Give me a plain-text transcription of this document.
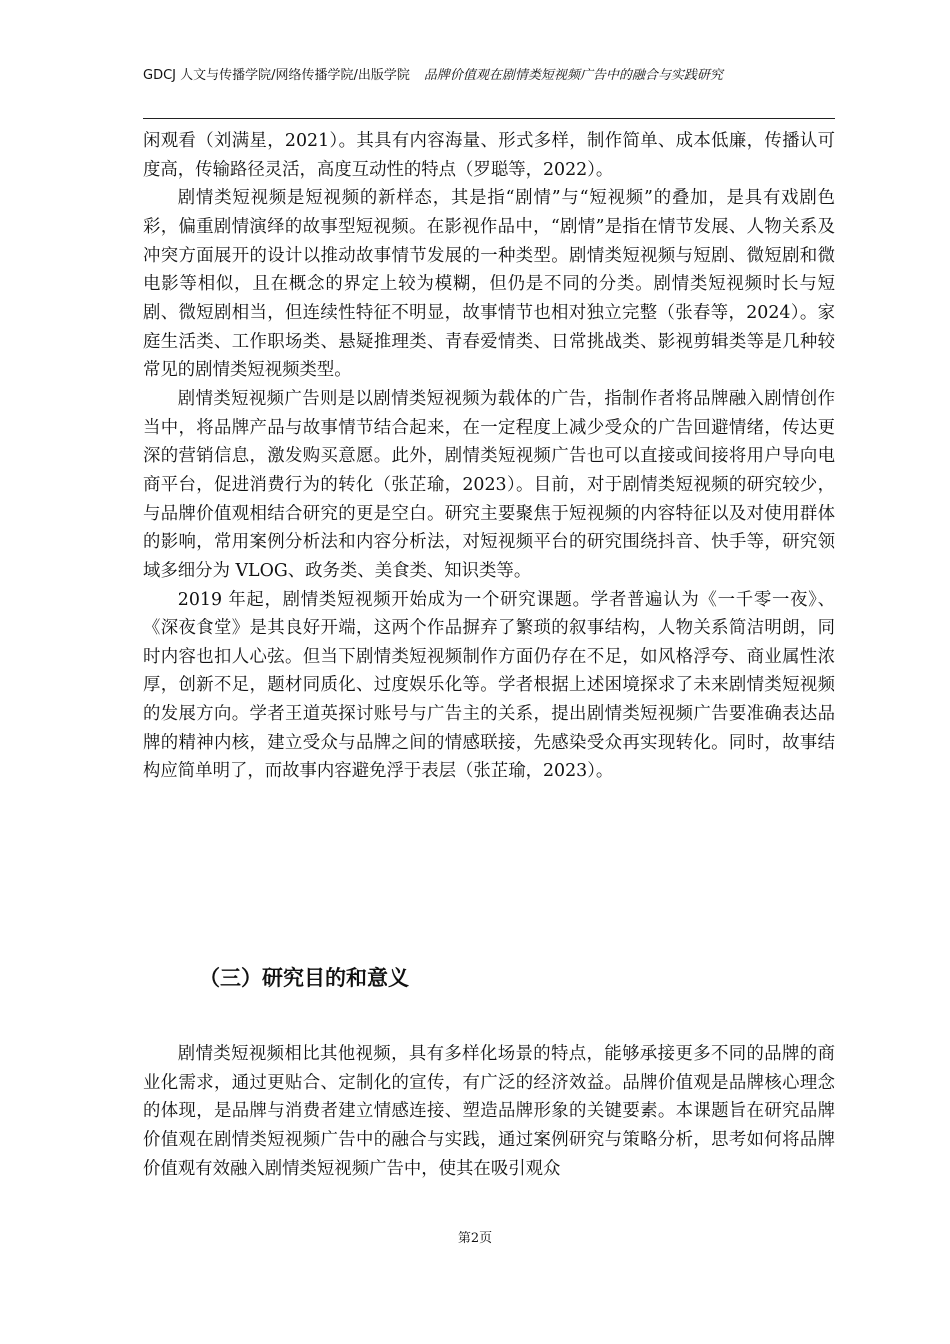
GDCJ 人文与传播学院/网络传播学院/出版学院 品牌价值观在剧情类短视频广告中的融合与实践研究

闲观看（刘满星，2021）。其具有内容海量、形式多样，制作简单、成本低廉，传播认可度高，传输路径灵活，高度互动性的特点（罗聪等，2022）。

剧情类短视频是短视频的新样态，其是指“剧情”与“短视频”的叠加，是具有戏剧色彩，偏重剧情演绎的故事型短视频。在影视作品中，“剧情”是指在情节发展、人物关系及冲突方面展开的设计以推动故事情节发展的一种类型。剧情类短视频与短剧、微短剧和微电影等相似，且在概念的界定上较为模糊，但仍是不同的分类。剧情类短视频时长与短剧、微短剧相当，但连续性特征不明显，故事情节也相对独立完整（张春等，2024）。家庭生活类、工作职场类、悬疑推理类、青春爱情类、日常挑战类、影视剪辑类等是几种较常见的剧情类短视频类型。

剧情类短视频广告则是以剧情类短视频为载体的广告，指制作者将品牌融入剧情创作当中，将品牌产品与故事情节结合起来，在一定程度上减少受众的广告回避情绪，传达更深的营销信息，激发购买意愿。此外，剧情类短视频广告也可以直接或间接将用户导向电商平台，促进消费行为的转化（张芷瑜，2023）。目前，对于剧情类短视频的研究较少，与品牌价值观相结合研究的更是空白。研究主要聚焦于短视频的内容特征以及对使用群体的影响，常用案例分析法和内容分析法，对短视频平台的研究围绕抖音、快手等，研究领域多细分为 VLOG、政务类、美食类、知识类等。

2019 年起，剧情类短视频开始成为一个研究课题。学者普遍认为《一千零一夜》、《深夜食堂》是其良好开端，这两个作品摒弃了繁琐的叙事结构，人物关系简洁明朗，同时内容也扣人心弦。但当下剧情类短视频制作方面仍存在不足，如风格浮夸、商业属性浓厚，创新不足，题材同质化、过度娱乐化等。学者根据上述困境探求了未来剧情类短视频的发展方向。学者王道英探讨账号与广告主的关系，提出剧情类短视频广告要准确表达品牌的精神内核，建立受众与品牌之间的情感联接，先感染受众再实现转化。同时，故事结构应简单明了，而故事内容避免浮于表层（张芷瑜，2023）。

（三）研究目的和意义

剧情类短视频相比其他视频，具有多样化场景的特点，能够承接更多不同的品牌的商业化需求，通过更贴合、定制化的宣传，有广泛的经济效益。品牌价值观是品牌核心理念的体现，是品牌与消费者建立情感连接、塑造品牌形象的关键要素。本课题旨在研究品牌价值观在剧情类短视频广告中的融合与实践，通过案例研究与策略分析，思考如何将品牌价值观有效融入剧情类短视频广告中，使其在吸引观众

第2页
